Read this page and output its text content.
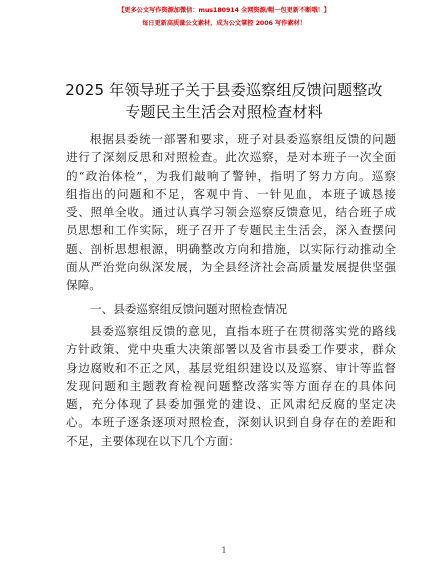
【更多公文写作资源加微信：mus180914 全网资源/帽一包更新不断哦！】
每日更新高质量公文素材，成为公文掌控 2006 写作素材！
2025 年领导班子关于县委巡察组反馈问题整改
专题民主生活会对照检查材料
根据县委统一部署和要求，班子对县委巡察组反馈的问题
进行了深刻反思和对照检查。此次巡察，是对本班子一次全面
的“政治体检”，为我们敲响了警钟，指明了努力方向。巡察
组指出的问题和不足，客观中肯、一针见血，本班子诚恳接
受、照单全收。通过认真学习领会巡察反馈意见，结合班子成
员思想和工作实际，班子召开了专题民主生活会，深入查摆问
题、剖析思想根源，明确整改方向和措施，以实际行动推动全
面从严治党向纵深发展，为全县经济社会高质量发展提供坚强
保障。
一、县委巡察组反馈问题对照检查情况
县委巡察组反馈的意见，直指本班子在贯彻落实党的路线
方针政策、党中央重大决策部署以及省市县委工作要求，群众
身边腐败和不正之风，基层党组织建设以及巡察、审计等监督
发现问题和主题教育检视问题整改落实等方面存在的具体问
题，充分体现了县委加强党的建设、正风肃纪反腐的坚定决
心。本班子逐条逐项对照检查，深刻认识到自身存在的差距和
不足，主要体现在以下几个方面：
1
